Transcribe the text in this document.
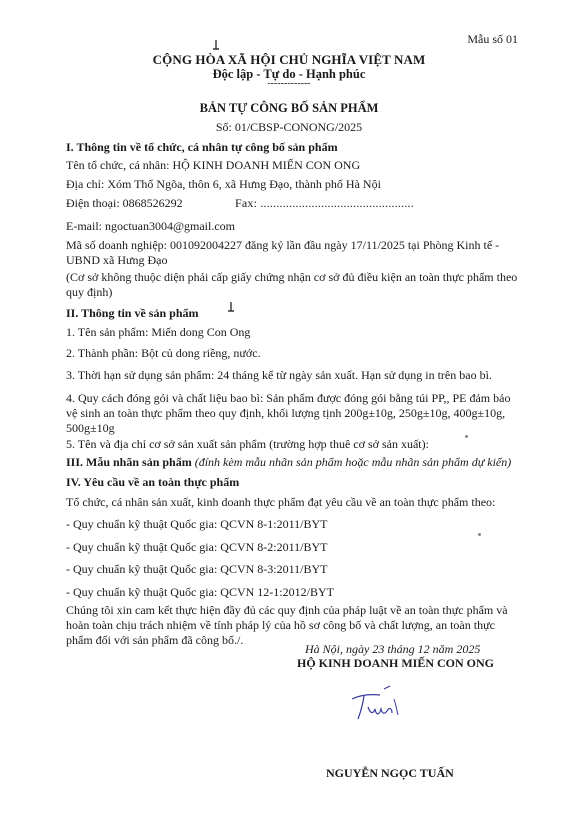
Mẫu số 01
CỘNG HÒA XÃ HỘI CHỦ NGHĨA VIỆT NAM
Độc lập - Tự do - Hạnh phúc
-------------
BẢN TỰ CÔNG BỐ SẢN PHẨM
Số: 01/CBSP-CONONG/2025
I. Thông tin về tổ chức, cá nhân tự công bố sản phẩm
Tên tổ chức, cá nhân: HỘ KINH DOANH MIẾN CON ONG
Địa chỉ: Xóm Thổ Ngõa, thôn 6, xã Hưng Đạo, thành phố Hà Nội
Điện thoại: 0868526292	Fax: ................................................
E-mail: ngoctuan3004@gmail.com
Mã số doanh nghiệp: 001092004227 đăng ký lần đầu ngày 17/11/2025 tại Phòng Kinh tế - UBND xã Hưng Đạo
(Cơ sở không thuộc diện phải cấp giấy chứng nhận cơ sở đủ điều kiện an toàn thực phẩm theo quy định)
II. Thông tin về sản phẩm
1. Tên sản phẩm: Miến dong Con Ong
2. Thành phần: Bột củ dong riềng, nước.
3. Thời hạn sử dụng sản phẩm: 24 tháng kể từ ngày sản xuất. Hạn sử dụng in trên bao bì.
4. Quy cách đóng gói và chất liệu bao bì: Sản phẩm được đóng gói bằng túi PP,, PE đảm bảo vệ sinh an toàn thực phẩm theo quy định, khối lượng tịnh 200g±10g, 250g±10g, 400g±10g, 500g±10g
5. Tên và địa chỉ cơ sở sản xuất sản phẩm (trường hợp thuê cơ sở sản xuất):
III. Mẫu nhãn sản phẩm (đính kèm mẫu nhãn sản phẩm hoặc mẫu nhãn sản phẩm dự kiến)
IV. Yêu cầu về an toàn thực phẩm
Tổ chức, cá nhân sản xuất, kinh doanh thực phẩm đạt yêu cầu về an toàn thực phẩm theo:
- Quy chuẩn kỹ thuật Quốc gia: QCVN 8-1:2011/BYT
- Quy chuẩn kỹ thuật Quốc gia: QCVN 8-2:2011/BYT
- Quy chuẩn kỹ thuật Quốc gia: QCVN 8-3:2011/BYT
- Quy chuẩn kỹ thuật Quốc gia: QCVN 12-1:2012/BYT
Chúng tôi xin cam kết thực hiện đầy đủ các quy định của pháp luật về an toàn thực phẩm và hoàn toàn chịu trách nhiệm về tính pháp lý của hồ sơ công bố và chất lượng, an toàn thực phẩm đối với sản phẩm đã công bố./.
Hà Nội, ngày 23 tháng 12 năm 2025
HỘ KINH DOANH MIẾN CON ONG
NGUYỄN NGỌC TUẤN
